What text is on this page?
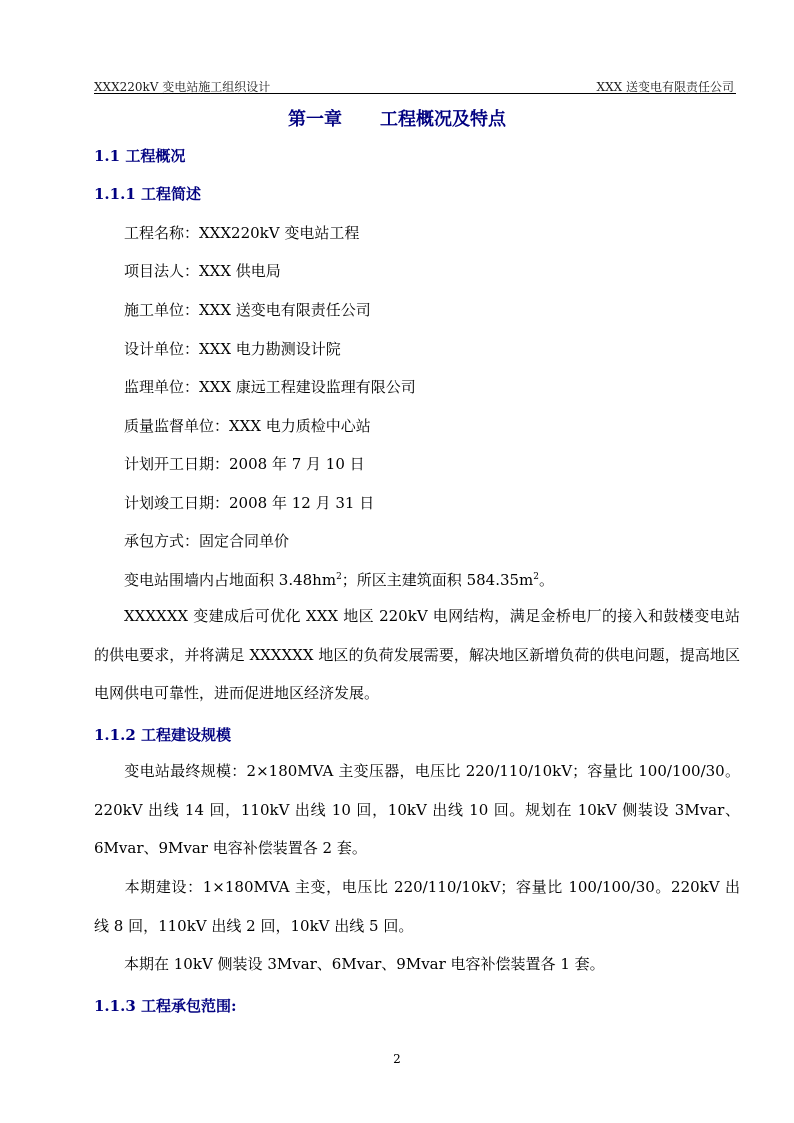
XXX220kV 变电站施工组织设计	XXX 送变电有限责任公司
第一章 工程概况及特点
1.1 工程概况
1.1.1 工程简述
工程名称：XXX220kV 变电站工程
项目法人：XXX 供电局
施工单位：XXX 送变电有限责任公司
设计单位：XXX 电力勘测设计院
监理单位：XXX 康远工程建设监理有限公司
质量监督单位：XXX 电力质检中心站
计划开工日期：2008 年 7 月 10 日
计划竣工日期：2008 年 12 月 31 日
承包方式：固定合同单价
变电站围墙内占地面积 $3.48hm^2$；所区主建筑面积 $584.35m^2$。
XXXXXX 变建成后可优化 XXX 地区 220kV 电网结构，满足金桥电厂的接入和鼓楼变电站的供电要求，并将满足 XXXXXX 地区的负荷发展需要，解决地区新增负荷的供电问题，提高地区电网供电可靠性，进而促进地区经济发展。
1.1.2 工程建设规模
变电站最终规模：2×180MVA 主变压器，电压比 220/110/10kV；容量比 100/100/30。220kV 出线 14 回，110kV 出线 10 回，10kV 出线 10 回。规划在 10kV 侧装设 3Mvar、6Mvar、9Mvar 电容补偿装置各 2 套。
本期建设：1×180MVA 主变，电压比 220/110/10kV；容量比 100/100/30。220kV 出线 8 回，110kV 出线 2 回，10kV 出线 5 回。
本期在 10kV 侧装设 3Mvar、6Mvar、9Mvar 电容补偿装置各 1 套。
1.1.3 工程承包范围:
2
